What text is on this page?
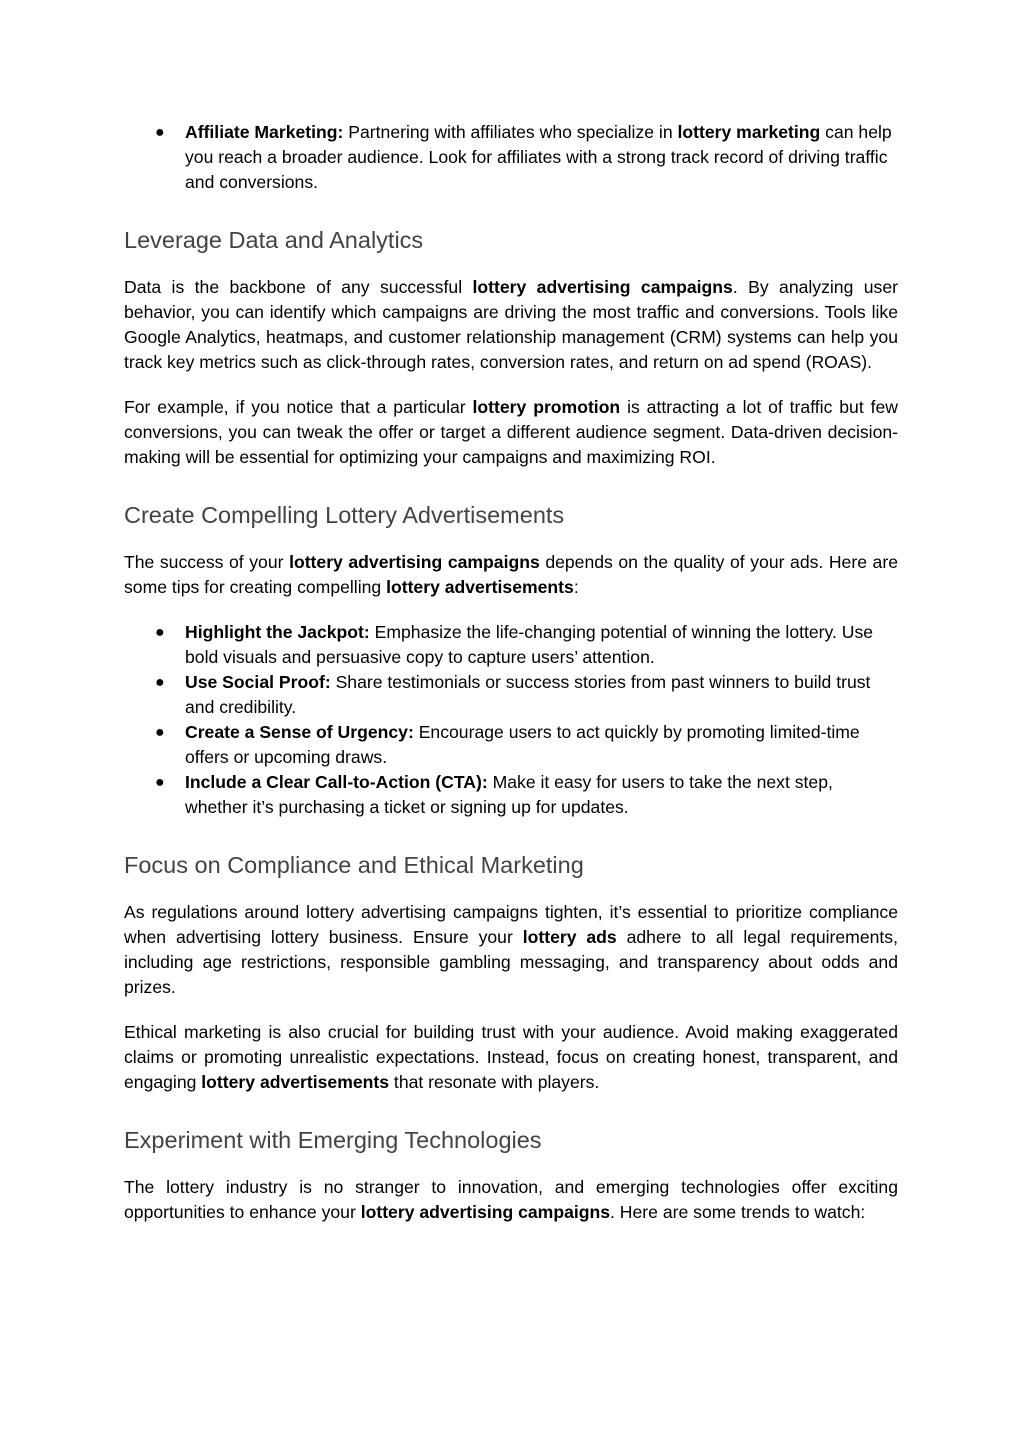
● Affiliate Marketing: Partnering with affiliates who specialize in lottery marketing can help you reach a broader audience. Look for affiliates with a strong track record of driving traffic and conversions.
Leverage Data and Analytics

Data is the backbone of any successful lottery advertising campaigns. By analyzing user behavior, you can identify which campaigns are driving the most traffic and conversions. Tools like Google Analytics, heatmaps, and customer relationship management (CRM) systems can help you track key metrics such as click-through rates, conversion rates, and return on ad spend (ROAS).

For example, if you notice that a particular lottery promotion is attracting a lot of traffic but few conversions, you can tweak the offer or target a different audience segment. Data-driven decision-making will be essential for optimizing your campaigns and maximizing ROI.

Create Compelling Lottery Advertisements

The success of your lottery advertising campaigns depends on the quality of your ads. Here are some tips for creating compelling lottery advertisements:

● Highlight the Jackpot: Emphasize the life-changing potential of winning the lottery. Use bold visuals and persuasive copy to capture users’ attention.
● Use Social Proof: Share testimonials or success stories from past winners to build trust and credibility.
● Create a Sense of Urgency: Encourage users to act quickly by promoting limited-time offers or upcoming draws.
● Include a Clear Call-to-Action (CTA): Make it easy for users to take the next step, whether it’s purchasing a ticket or signing up for updates.
Focus on Compliance and Ethical Marketing

As regulations around lottery advertising campaigns tighten, it’s essential to prioritize compliance when advertising lottery business. Ensure your lottery ads adhere to all legal requirements, including age restrictions, responsible gambling messaging, and transparency about odds and prizes.

Ethical marketing is also crucial for building trust with your audience. Avoid making exaggerated claims or promoting unrealistic expectations. Instead, focus on creating honest, transparent, and engaging lottery advertisements that resonate with players.

Experiment with Emerging Technologies

The lottery industry is no stranger to innovation, and emerging technologies offer exciting opportunities to enhance your lottery advertising campaigns. Here are some trends to watch:
